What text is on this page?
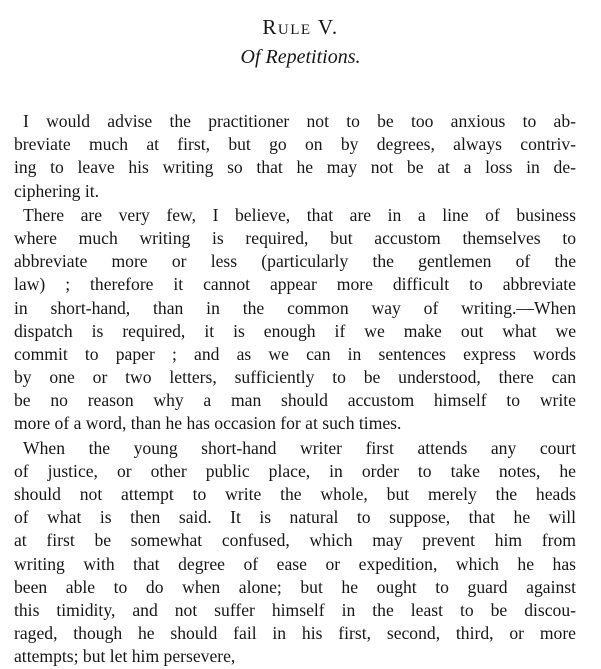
Rule V.
Of Repetitions.

I would advise the practitioner not to be too anxious to ab-
breviate much at first, but go on by degrees, always contriv-
ing to leave his writing so that he may not be at a loss in de-
ciphering it.

There are very few, I believe, that are in a line of business
where much writing is required, but accustom themselves to
abbreviate more or less (particularly the gentlemen of the
law) ; therefore it cannot appear more difficult to abbreviate
in short-hand, than in the common way of writing.—When
dispatch is required, it is enough if we make out what we
commit to paper ; and as we can in sentences express words
by one or two letters, sufficiently to be understood, there can
be no reason why a man should accustom himself to write
more of a word, than he has occasion for at such times.

When the young short-hand writer first attends any court
of justice, or other public place, in order to take notes, he
should not attempt to write the whole, but merely the heads
of what is then said. It is natural to suppose, that he will
at first be somewhat confused, which may prevent him from
writing with that degree of ease or expedition, which he has
been able to do when alone; but he ought to guard against
this timidity, and not suffer himself in the least to be discou-
raged, though he should fail in his first, second, third, or more
attempts; but let him persevere,
